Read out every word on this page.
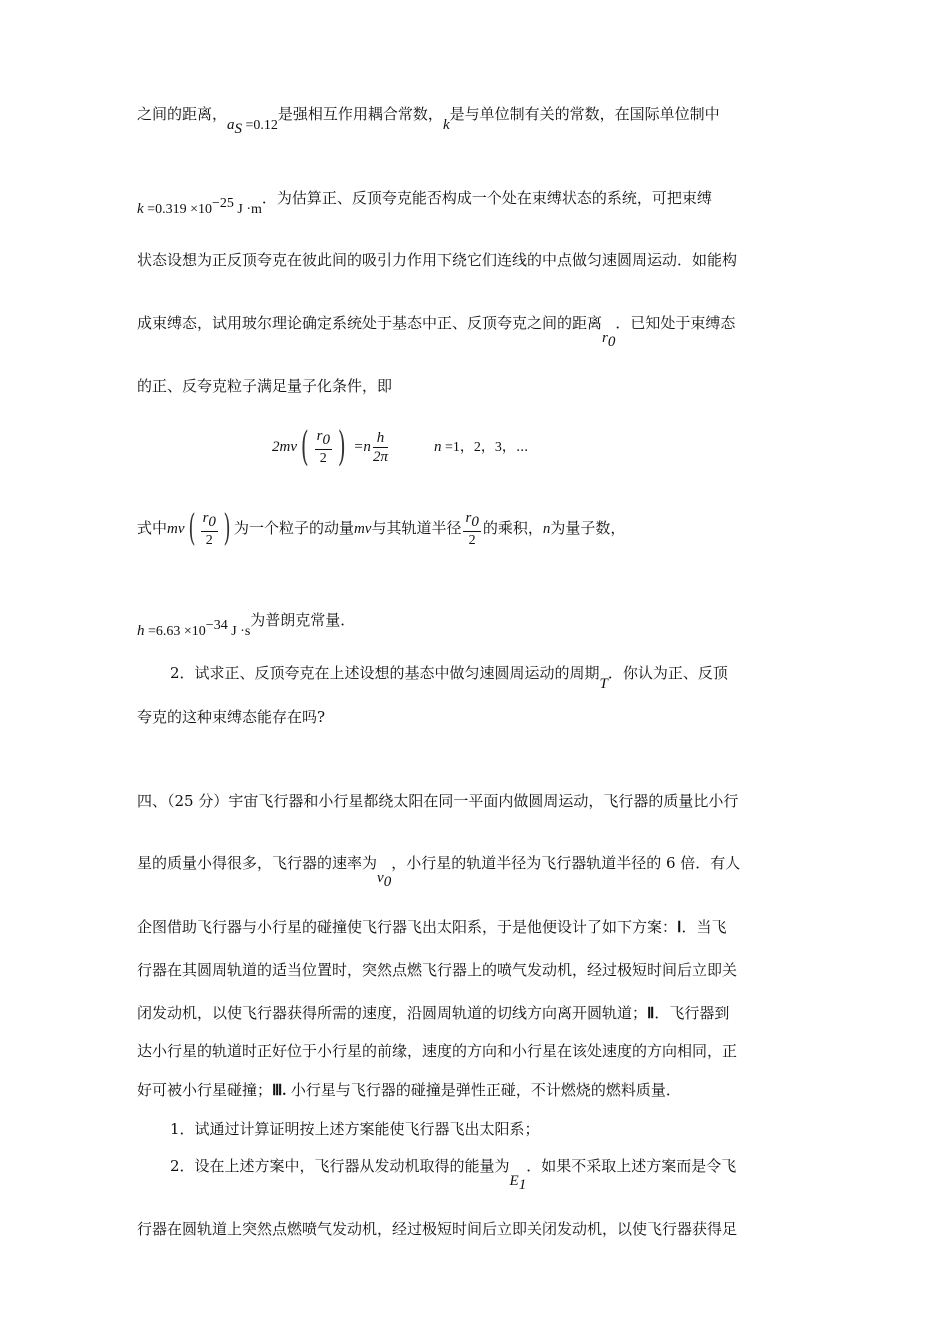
之间的距离，$a_S =0.12$是强相互作用耦合常数，k是与单位制有关的常数，在国际单位制中
$k =0.319 \times 10^{-25}$ J ·m．为估算正、反顶夸克能否构成一个处在束缚状态的系统，可把束缚
状态设想为正反顶夸克在彼此间的吸引力作用下绕它们连线的中点做匀速圆周运动．如能构
成束缚态，试用玻尔理论确定系统处于基态中正、反顶夸克之间的距离$r_0$．已知处于束缚态
的正、反夸克粒子满足量子化条件，即
$2mv( \frac{r_0}{2}$ ) $=n \frac{h}{2\pi}$	n =1，2，3，⋯
式中$mv( \frac{r_0}{2}$ ) 为一个粒子的动量mv与其轨道半径 $\frac{r_0}{2}$ 的乘积，n为量子数，
$h =6.63 \times 10^{-34}$ J ·s为普朗克常量．
2．试求正、反顶夸克在上述设想的基态中做匀速圆周运动的周期T．你认为正、反顶
夸克的这种束缚态能存在吗?
四、（25 分）宇宙飞行器和小行星都绕太阳在同一平面内做圆周运动，飞行器的质量比小行
星的质量小得很多，飞行器的速率为$v_0$，小行星的轨道半径为飞行器轨道半径的 6 倍．有人
企图借助飞行器与小行星的碰撞使飞行器飞出太阳系，于是他便设计了如下方案：Ⅰ．当飞
行器在其圆周轨道的适当位置时，突然点燃飞行器上的喷气发动机，经过极短时间后立即关
闭发动机，以使飞行器获得所需的速度，沿圆周轨道的切线方向离开圆轨道；Ⅱ．飞行器到
达小行星的轨道时正好位于小行星的前缘，速度的方向和小行星在该处速度的方向相同，正
好可被小行星碰撞；Ⅲ. 小行星与飞行器的碰撞是弹性正碰，不计燃烧的燃料质量．
1．试通过计算证明按上述方案能使飞行器飞出太阳系；
2．设在上述方案中，飞行器从发动机取得的能量为$E_1$．如果不采取上述方案而是令飞
行器在圆轨道上突然点燃喷气发动机，经过极短时间后立即关闭发动机，以使飞行器获得足
